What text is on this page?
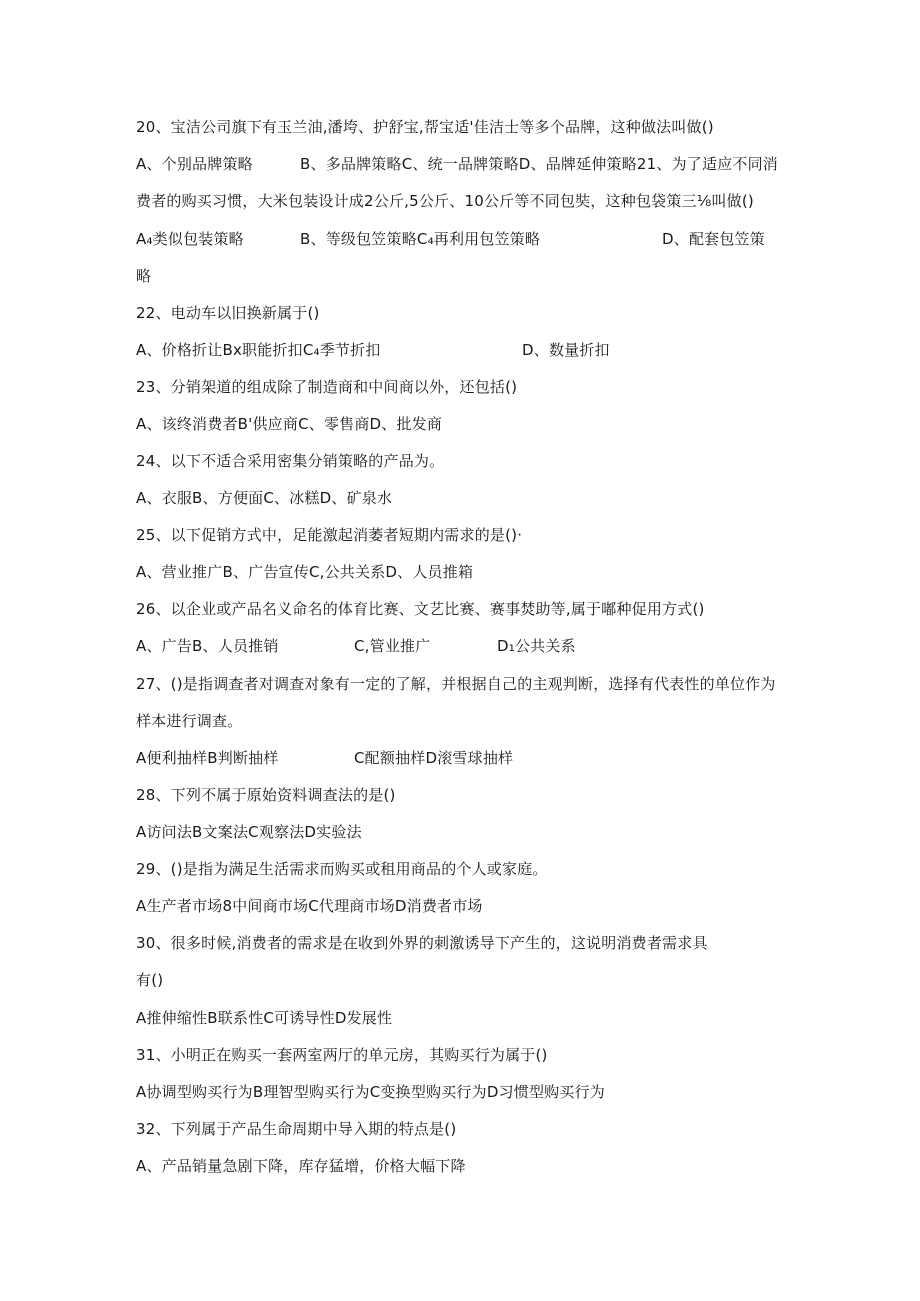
20、宝洁公司旗下有玉兰油,潘垮、护舒宝,帮宝适'佳洁士等多个品牌，这种做法叫做()
A、个别品牌策略	B、多品牌策略C、统一品牌策略D、品牌延伸策略21、为了适应不同消
费者的购买习惯，大米包装设计成2公斤,5公斤、10公斤等不同包奘，这种包袋策三⅛叫做()
A₄类似包装策略	B、等级包笠策略C₄再利用包笠策略	D、配套包笠策
略
22、电动车以旧换新属于()
A、价格折让Bx职能折扣C₄季节折扣	D、数量折扣
23、分销架道的组成除了制造商和中间商以外，还包括()
A、该终消费者B'供应商C、零售商D、批发商
24、以下不适合采用密集分销策略的产品为。
A、衣服B、方便面C、冰糕D、矿泉水
25、以下促销方式中，足能激起消萎者短期内需求的是()·
A、营业推广B、广告宣传C,公共关系D、人员推箱
26、以企业或产品名义命名的体育比赛、文艺比赛、赛事焚助等,属于嘟种促用方式()
A、广告B、人员推销	C,管业推广	D₁公共关系
27、()是指调查者对调查对象有一定的了解，并根据自己的主观判断，选择有代表性的单位作为
样本进行调查。
A便利抽样B判断抽样	C配额抽样D滚雪球抽样
28、下列不属于原始资料调查法的是()
A访问法B文案法C观察法D实验法
29、()是指为满足生活需求而购买或租用商品的个人或家庭。
A生产者市场8中间商市场C代理商市场D消费者市场
30、很多时候,消费者的需求是在收到外界的刺激诱导下产生的，这说明消费者需求具
有()
A推伸缩性B联系性C可诱导性D发展性
31、小明正在购买一套两室两厅的单元房，其购买行为属于()
A协调型购买行为B理智型购买行为C变换型购买行为D习惯型购买行为
32、下列属于产品生命周期中导入期的特点是()
A、产品销量急剧下降，库存猛增，价格大幅下降
